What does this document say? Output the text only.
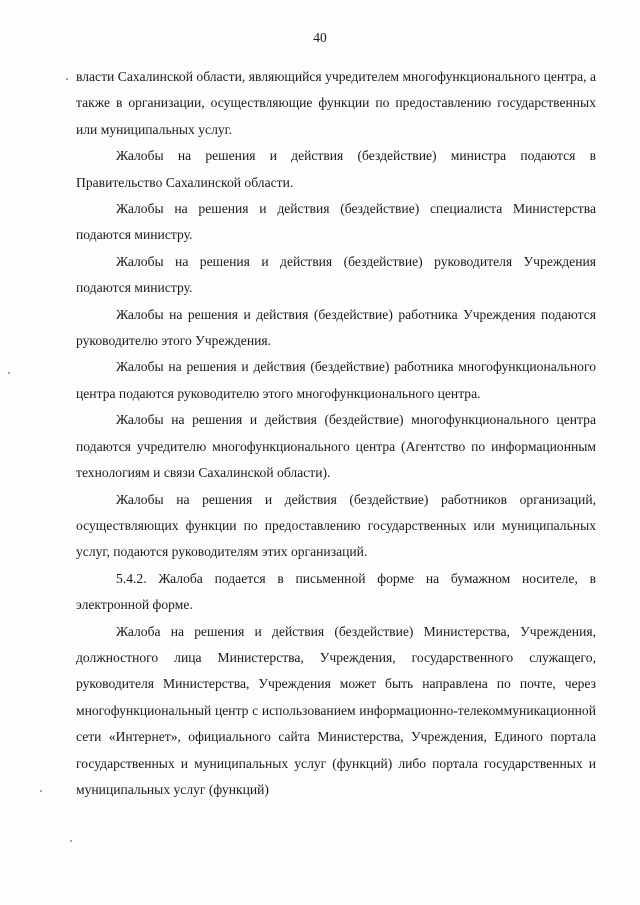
40

власти Сахалинской области, являющийся учредителем многофункционального центра, а также в организации, осуществляющие функции по предоставлению государственных или муниципальных услуг.

Жалобы на решения и действия (бездействие) министра подаются в Правительство Сахалинской области.

Жалобы на решения и действия (бездействие) специалиста Министерства подаются министру.

Жалобы на решения и действия (бездействие) руководителя Учреждения подаются министру.

Жалобы на решения и действия (бездействие) работника Учреждения подаются руководителю этого Учреждения.

Жалобы на решения и действия (бездействие) работника многофункционального центра подаются руководителю этого многофункционального центра.

Жалобы на решения и действия (бездействие) многофункционального центра подаются учредителю многофункционального центра (Агентство по информационным технологиям и связи Сахалинской области).

Жалобы на решения и действия (бездействие) работников организаций, осуществляющих функции по предоставлению государственных или муниципальных услуг, подаются руководителям этих организаций.

5.4.2. Жалоба подается в письменной форме на бумажном носителе, в электронной форме.

Жалоба на решения и действия (бездействие) Министерства, Учреждения, должностного лица Министерства, Учреждения, государственного служащего, руководителя Министерства, Учреждения может быть направлена по почте, через многофункциональный центр с использованием информационно-телекоммуникационной сети «Интернет», официального сайта Министерства, Учреждения, Единого портала государственных и муниципальных услуг (функций) либо портала государственных и муниципальных услуг (функций)
